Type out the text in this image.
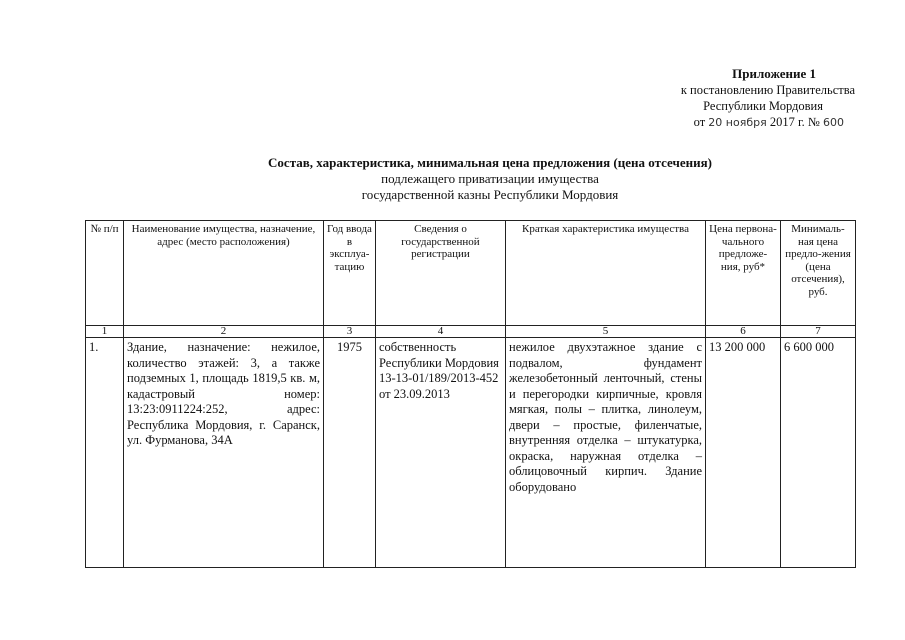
Приложение 1
к постановлению Правительства
Республики Мордовия
от 20 ноября 2017 г. № 600
Состав, характеристика, минимальная цена предложения (цена отсечения)
подлежащего приватизации имущества
государственной казны Республики Мордовия
№ п/п	Наименование имущества, назначение, адрес (место расположения)	Год ввода в эксплуа-тацию	Сведения о государственной регистрации	Краткая характеристика имущества	Цена первона-чального предложе-ния, руб*	Минималь-ная цена предло-жения (цена отсечения), руб.
1	2	3	4	5	6	7
1.	Здание, назначение: нежилое, количество этажей: 3, а также подземных 1, площадь 1819,5 кв. м, кадастровый номер: 13:23:0911224:252, адрес: Республика Мордовия, г. Саранск, ул. Фурманова, 34А	1975	собственность Республики Мордовия 13-13-01/189/2013-452 от 23.09.2013	нежилое двухэтажное здание с подвалом, фундамент железобетонный ленточный, стены и перегородки кирпичные, кровля мягкая, полы – плитка, линолеум, двери – простые, филенчатые, внутренняя отделка – штукатурка, окраска, наружная отделка – облицовочный кирпич. Здание оборудовано	13 200 000	6 600 000
